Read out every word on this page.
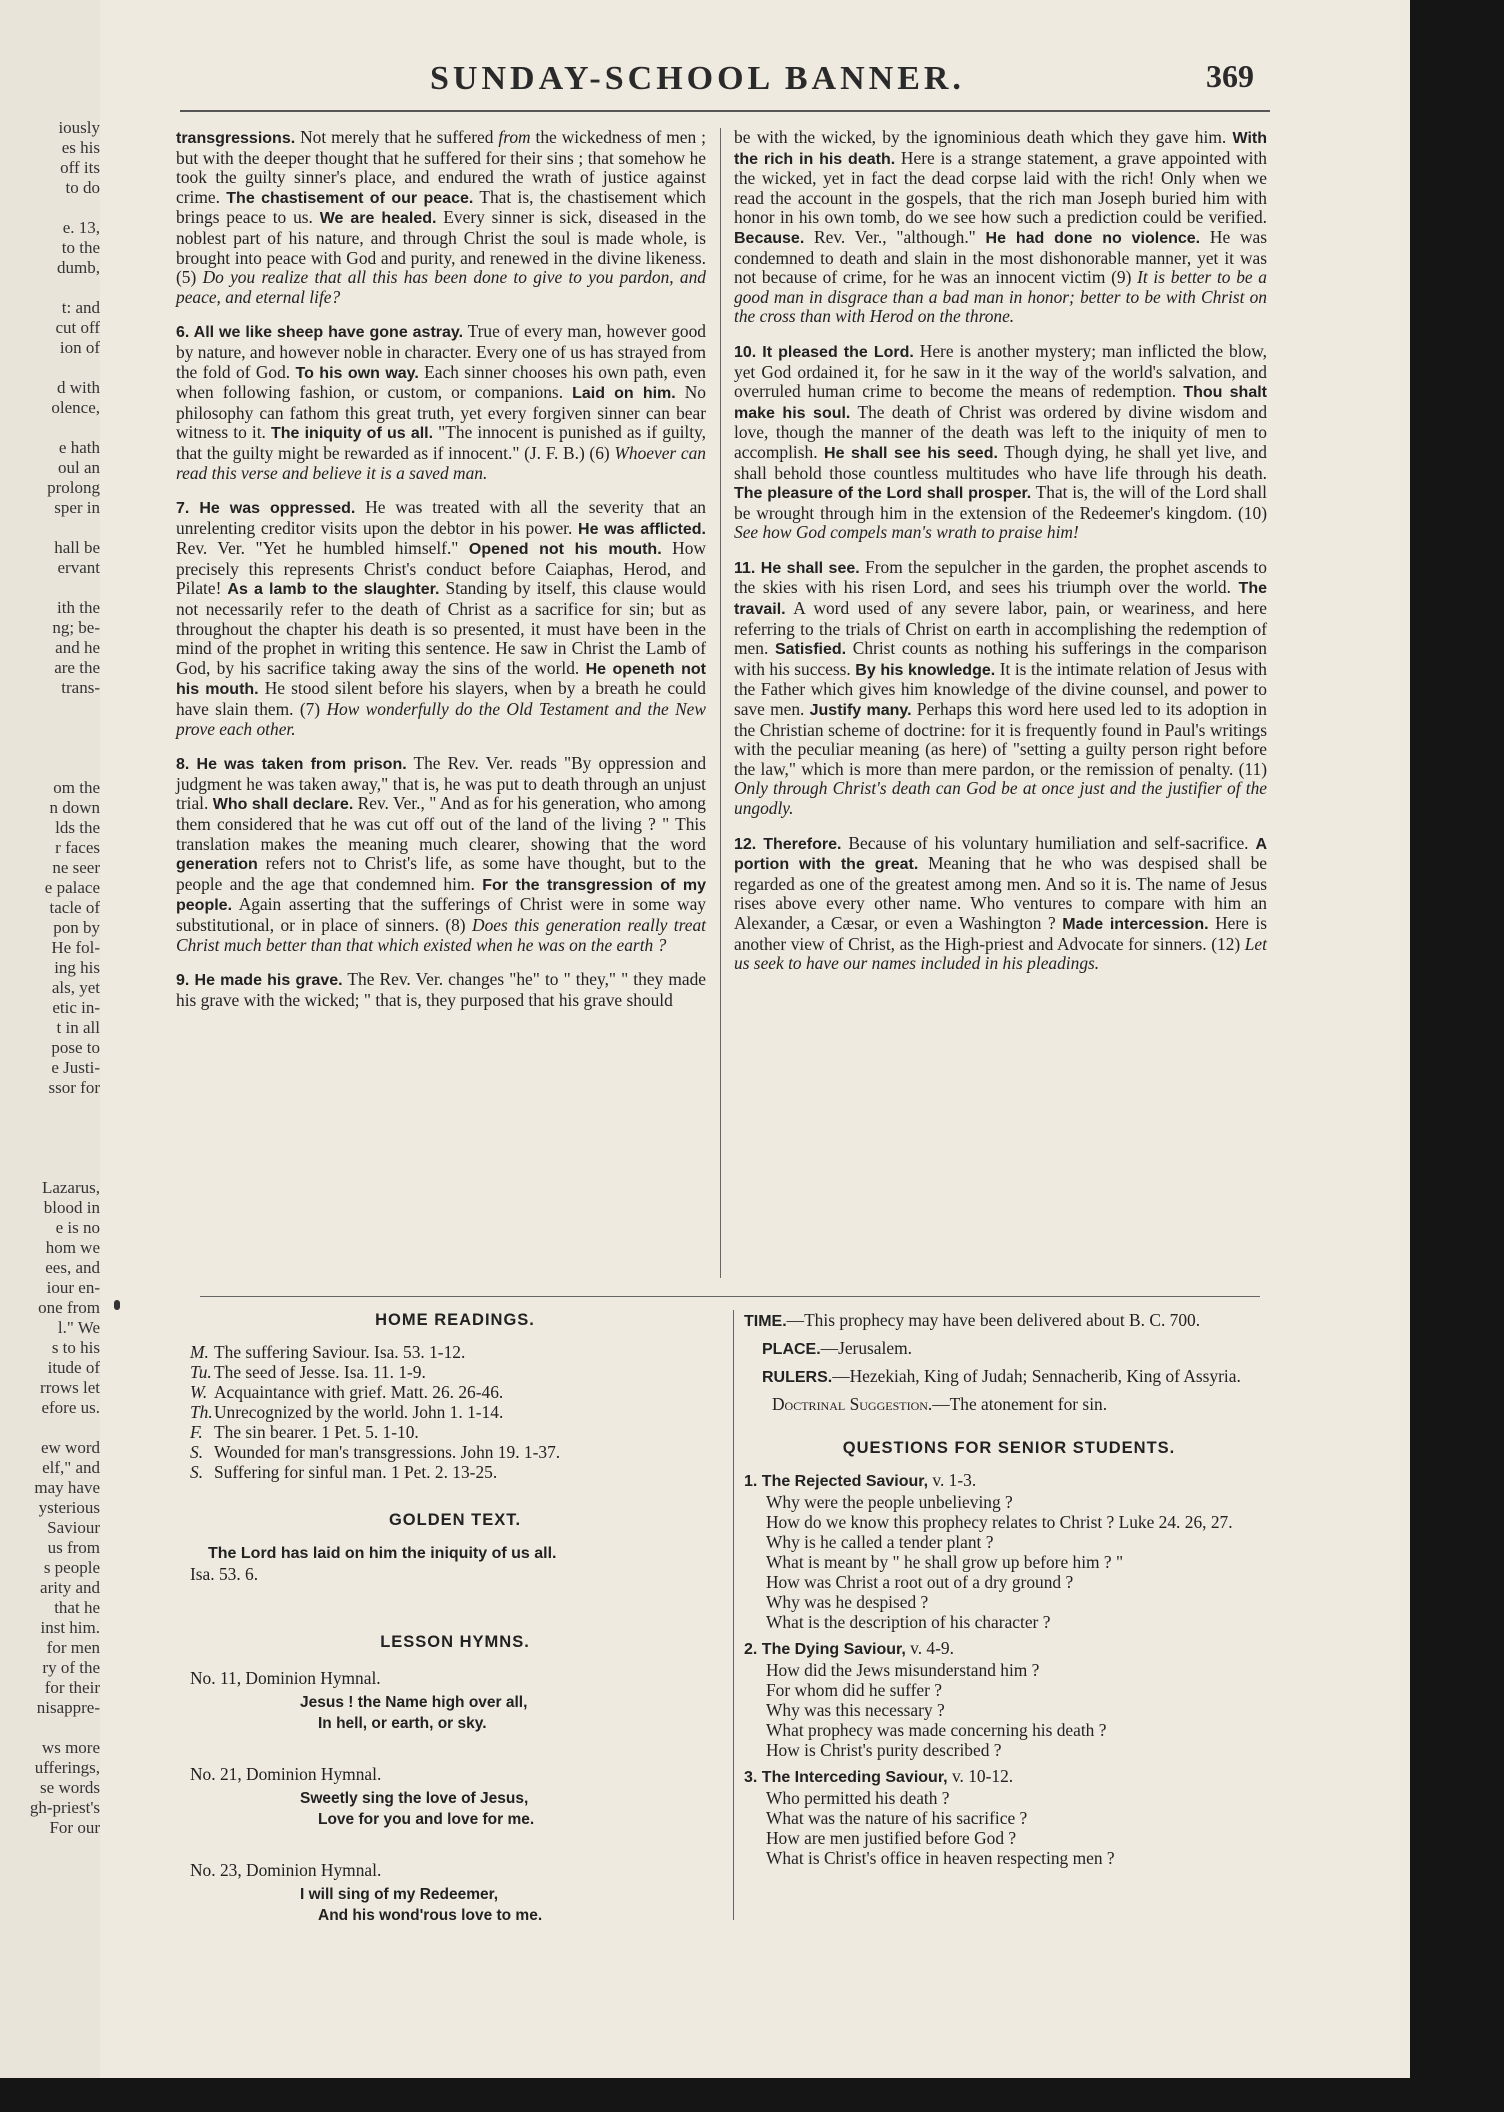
iously
es his
off its
to do

e. 13,
to the
dumb,

t: and
cut off
ion of

d with
olence,

e hath
oul an
prolong
sper in

hall be
ervant

ith the
ng; be-
and he
are the
trans-

om the
n down
lds the
r faces
ne seer
e palace
tacle of
pon by
He fol-
ing his
als, yet
etic in-
t in all
pose to
e Justi-
ssor for

Lazarus,
blood in
e is no
hom we
ees, and
iour en-
one from
l." We
s to his
itude of
rrows let
efore us.

ew word
elf," and
may have
ysterious
Saviour
us from
s people
arity and
that he
inst him.
for men
ry of the
for their
nisappre-

ws more
ufferings,
se words
gh-priest's
For our
SUNDAY-SCHOOL BANNER.	369

transgressions. Not merely that he suffered from the wickedness of men ; but with the deeper thought that he suffered for their sins ; that somehow he took the guilty sinner's place, and endured the wrath of justice against crime. The chastisement of our peace. That is, the chastisement which brings peace to us. We are healed. Every sinner is sick, diseased in the noblest part of his nature, and through Christ the soul is made whole, is brought into peace with God and purity, and renewed in the divine likeness. (5) Do you realize that all this has been done to give to you pardon, and peace, and eternal life?

6. All we like sheep have gone astray. True of every man, however good by nature, and however noble in character. Every one of us has strayed from the fold of God. To his own way. Each sinner chooses his own path, even when following fashion, or custom, or companions. Laid on him. No philosophy can fathom this great truth, yet every forgiven sinner can bear witness to it. The iniquity of us all. "The innocent is punished as if guilty, that the guilty might be rewarded as if innocent." (J. F. B.) (6) Whoever can read this verse and believe it is a saved man.

7. He was oppressed. He was treated with all the severity that an unrelenting creditor visits upon the debtor in his power. He was afflicted. Rev. Ver. "Yet he humbled himself." Opened not his mouth. How precisely this represents Christ's conduct before Caiaphas, Herod, and Pilate! As a lamb to the slaughter. Standing by itself, this clause would not necessarily refer to the death of Christ as a sacrifice for sin; but as throughout the chapter his death is so presented, it must have been in the mind of the prophet in writing this sentence. He saw in Christ the Lamb of God, by his sacrifice taking away the sins of the world. He openeth not his mouth. He stood silent before his slayers, when by a breath he could have slain them. (7) How wonderfully do the Old Testament and the New prove each other.

8. He was taken from prison. The Rev. Ver. reads "By oppression and judgment he was taken away," that is, he was put to death through an unjust trial. Who shall declare. Rev. Ver., " And as for his generation, who among them considered that he was cut off out of the land of the living ? " This translation makes the meaning much clearer, showing that the word generation refers not to Christ's life, as some have thought, but to the people and the age that condemned him. For the transgression of my people. Again asserting that the sufferings of Christ were in some way substitutional, or in place of sinners. (8) Does this generation really treat Christ much better than that which existed when he was on the earth ?

9. He made his grave. The Rev. Ver. changes "he" to " they," " they made his grave with the wicked; " that is, they purposed that his grave should

be with the wicked, by the ignominious death which they gave him. With the rich in his death. Here is a strange statement, a grave appointed with the wicked, yet in fact the dead corpse laid with the rich! Only when we read the account in the gospels, that the rich man Joseph buried him with honor in his own tomb, do we see how such a prediction could be verified. Because. Rev. Ver., "although." He had done no violence. He was condemned to death and slain in the most dishonorable manner, yet it was not because of crime, for he was an innocent victim (9) It is better to be a good man in disgrace than a bad man in honor; better to be with Christ on the cross than with Herod on the throne.

10. It pleased the Lord. Here is another mystery; man inflicted the blow, yet God ordained it, for he saw in it the way of the world's salvation, and overruled human crime to become the means of redemption. Thou shalt make his soul. The death of Christ was ordered by divine wisdom and love, though the manner of the death was left to the iniquity of men to accomplish. He shall see his seed. Though dying, he shall yet live, and shall behold those countless multitudes who have life through his death. The pleasure of the Lord shall prosper. That is, the will of the Lord shall be wrought through him in the extension of the Redeemer's kingdom. (10) See how God compels man's wrath to praise him!

11. He shall see. From the sepulcher in the garden, the prophet ascends to the skies with his risen Lord, and sees his triumph over the world. The travail. A word used of any severe labor, pain, or weariness, and here referring to the trials of Christ on earth in accomplishing the redemption of men. Satisfied. Christ counts as nothing his sufferings in the comparison with his success. By his knowledge. It is the intimate relation of Jesus with the Father which gives him knowledge of the divine counsel, and power to save men. Justify many. Perhaps this word here used led to its adoption in the Christian scheme of doctrine: for it is frequently found in Paul's writings with the peculiar meaning (as here) of "setting a guilty person right before the law," which is more than mere pardon, or the remission of penalty. (11) Only through Christ's death can God be at once just and the justifier of the ungodly.

12. Therefore. Because of his voluntary humiliation and self-sacrifice. A portion with the great. Meaning that he who was despised shall be regarded as one of the greatest among men. And so it is. The name of Jesus rises above every other name. Who ventures to compare with him an Alexander, a Cæsar, or even a Washington ? Made intercession. Here is another view of Christ, as the High-priest and Advocate for sinners. (12) Let us seek to have our names included in his pleadings.

HOME READINGS.

M. The suffering Saviour. Isa. 53. 1-12.

Tu. The seed of Jesse. Isa. 11. 1-9.

W. Acquaintance with grief. Matt. 26. 26-46.

Th.Unrecognized by the world. John 1. 1-14.

F. The sin bearer. 1 Pet. 5. 1-10.

S. Wounded for man's transgressions. John 19. 1-37.

S. Suffering for sinful man. 1 Pet. 2. 13-25.

GOLDEN TEXT.
The Lord has laid on him the iniquity of us all.
Isa. 53. 6.
LESSON HYMNS.

No. 11, Dominion Hymnal.

Jesus ! the Name high over all,
In hell, or earth, or sky.

No. 21, Dominion Hymnal.

Sweetly sing the love of Jesus,
Love for you and love for me.

No. 23, Dominion Hymnal.

I will sing of my Redeemer,
And his wond'rous love to me.

TIME.—This prophecy may have been delivered about B. C. 700.

PLACE.—Jerusalem.

RULERS.—Hezekiah, King of Judah; Sennacherib, King of Assyria.

Doctrinal Suggestion.—The atonement for sin.

QUESTIONS FOR SENIOR STUDENTS.

1. The Rejected Saviour, v. 1-3.

Why were the people unbelieving ?

How do we know this prophecy relates to Christ ? Luke 24. 26, 27.

Why is he called a tender plant ?

What is meant by " he shall grow up before him ? "

How was Christ a root out of a dry ground ?

Why was he despised ?

What is the description of his character ?

2. The Dying Saviour, v. 4-9.

How did the Jews misunderstand him ?

For whom did he suffer ?

Why was this necessary ?

What prophecy was made concerning his death ?

How is Christ's purity described ?

3. The Interceding Saviour, v. 10-12.

Who permitted his death ?

What was the nature of his sacrifice ?

How are men justified before God ?

What is Christ's office in heaven respecting men ?
